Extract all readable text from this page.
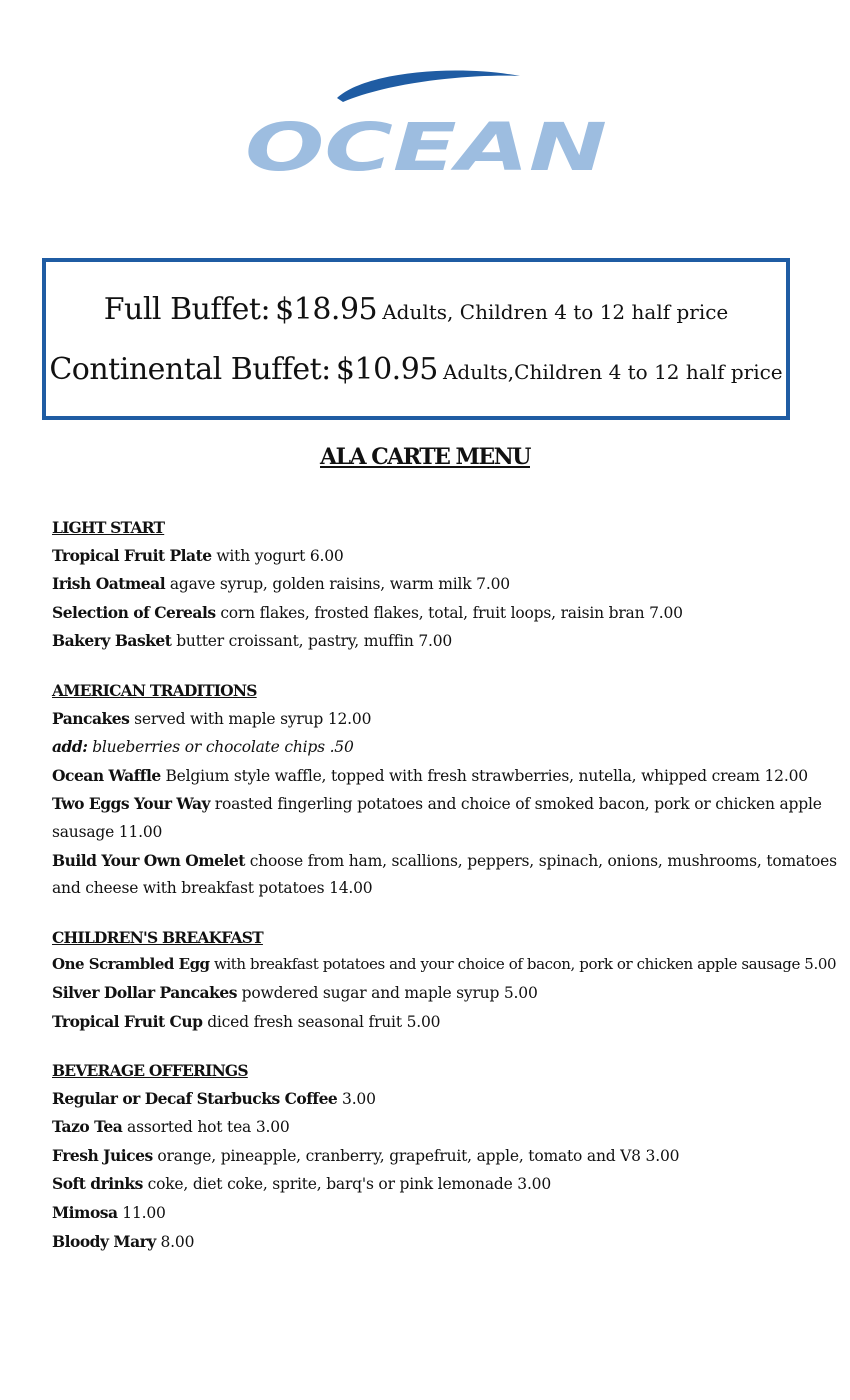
OCEAN
Full Buffet: $18.95 Adults, Children 4 to 12 half price
Continental Buffet: $10.95 Adults,Children 4 to 12 half price
ALA CARTE MENU
LIGHT START
Tropical Fruit Plate with yogurt 6.00
Irish Oatmeal agave syrup, golden raisins, warm milk 7.00
Selection of Cereals corn flakes, frosted flakes, total, fruit loops, raisin bran 7.00
Bakery Basket butter croissant, pastry, muffin 7.00
AMERICAN TRADITIONS
Pancakes served with maple syrup 12.00
add: blueberries or chocolate chips .50
Ocean Waffle Belgium style waffle, topped with fresh strawberries, nutella, whipped cream 12.00
Two Eggs Your Way roasted fingerling potatoes and choice of smoked bacon, pork or chicken apple sausage 11.00
Build Your Own Omelet choose from ham, scallions, peppers, spinach, onions, mushrooms, tomatoes and cheese with breakfast potatoes 14.00
CHILDREN'S BREAKFAST
One Scrambled Egg with breakfast potatoes and your choice of bacon, pork or chicken apple sausage 5.00
Silver Dollar Pancakes powdered sugar and maple syrup 5.00
Tropical Fruit Cup diced fresh seasonal fruit 5.00
BEVERAGE OFFERINGS
Regular or Decaf Starbucks Coffee 3.00
Tazo Tea assorted hot tea 3.00
Fresh Juices orange, pineapple, cranberry, grapefruit, apple, tomato and V8 3.00
Soft drinks coke, diet coke, sprite, barq's or pink lemonade 3.00
Mimosa 11.00
Bloody Mary 8.00
